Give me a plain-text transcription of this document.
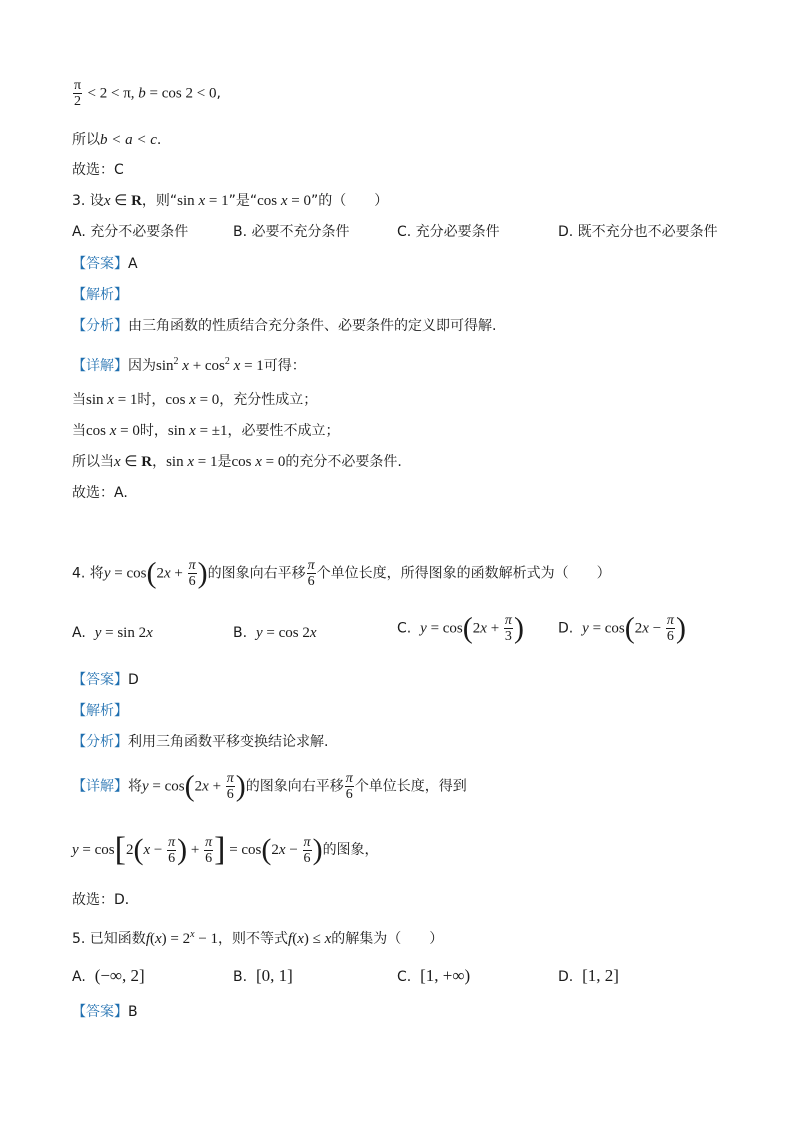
$\frac{\pi}{2} < 2 < \pi$, b = cos 2 < 0,
所以b < a < c.
故选：C
3. 设x ∈ R，则“sin x = 1”是“cos x = 0”的（　　）
A. 充分不必要条件	B. 必要不充分条件	C. 充分必要条件	D. 既不充分也不必要条件
【答案】A
【解析】
【分析】由三角函数的性质结合充分条件、必要条件的定义即可得解.
【详解】因为$\sin^2 x + \cos^2 x = 1$可得：
当sin x = 1时，cos x = 0，充分性成立；
当cos x = 0时，sin x = ±1，必要性不成立；
所以当x ∈ R，sin x = 1是cos x = 0的充分不必要条件.
故选：A.
4. 将$y = \cos(2x + \frac{\pi}{6}$ )的图象向右平移 $\frac{\pi}{6}$ 个单位长度，所得图象的函数解析式为（　　）
A. y = sin 2x	B. y = cos 2x	C. $y = \cos(2x + \frac{\pi}{3}$ ) D. $y = \cos(2x - \frac{\pi}{6}$ )
【答案】D
【解析】
【分析】利用三角函数平移变换结论求解.
【详解】将$y = \cos(2x + \frac{\pi}{6}$ )的图象向右平移 $\frac{\pi}{6}$ 个单位长度，得到
$y = \cos[2(x - \frac{\pi}{6}$ ) + $\frac{\pi}{6}$ ] = $\cos(2x - \frac{\pi}{6}$ )的图象，
故选：D．
5. 已知函数$f(x) = 2^x - 1$，则不等式f(x) ≤ x的解集为（　　）
A. (−∞, 2]	B. [0, 1]	C. [1, +∞)	D. [1, 2]
【答案】B
